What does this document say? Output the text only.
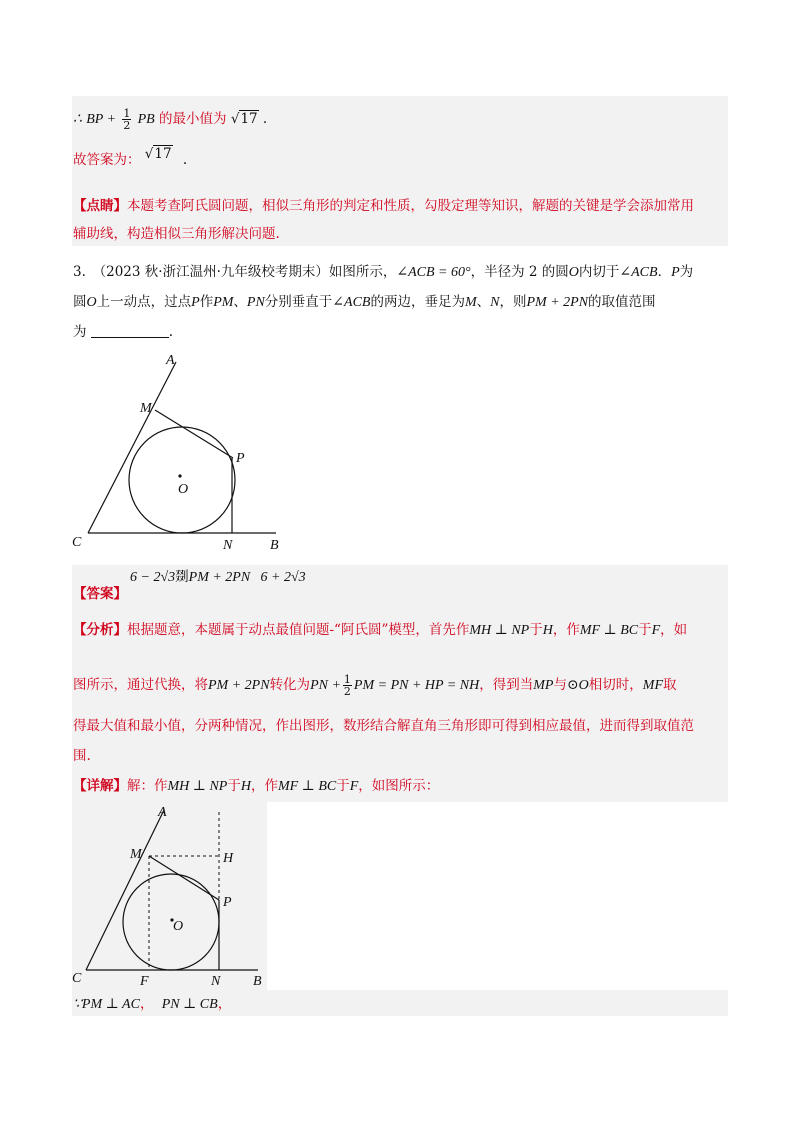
∴ BP + $\frac{1}{2}$ PB 的最小值为 √17 .
故答案为： √17 .
【点睛】本题考查阿氏圆问题，相似三角形的判定和性质，勾股定理等知识，解题的关键是学会添加常用
辅助线，构造相似三角形解决问题.
3.　（2023 秋·浙江温州·九年级校考期末）如图所示，∠ACB = 60°，半径为 2 的圆O内切于∠ACB．P为
圆O上一动点，过点P作PM、PN分别垂直于∠ACB的两边，垂足为M、N，则PM + 2PN的取值范围
为	.
A
M
P
O
C	N	B
【答案】
6 − 2√3剟PM + 2PN 6 + 2√3
【分析】根据题意，本题属于动点最值问题-“阿氏圆”模型，首先作MH ⊥ NP于H，作MF ⊥ BC于F，如
图所示，通过代换，将PM + 2PN转化为PN + $\frac{1}{2}$ PM = PN + HP = NH，得到当MP与⊙O相切时，MF取
得最大值和最小值，分两种情况，作出图形，数形结合解直角三角形即可得到相应最值，进而得到取值范
围.
【详解】解：作MH ⊥ NP于H，作MF ⊥ BC于F，如图所示：
A
M	H
P
O
C	F	N B
∵PM ⊥ AC， PN ⊥ CB，
